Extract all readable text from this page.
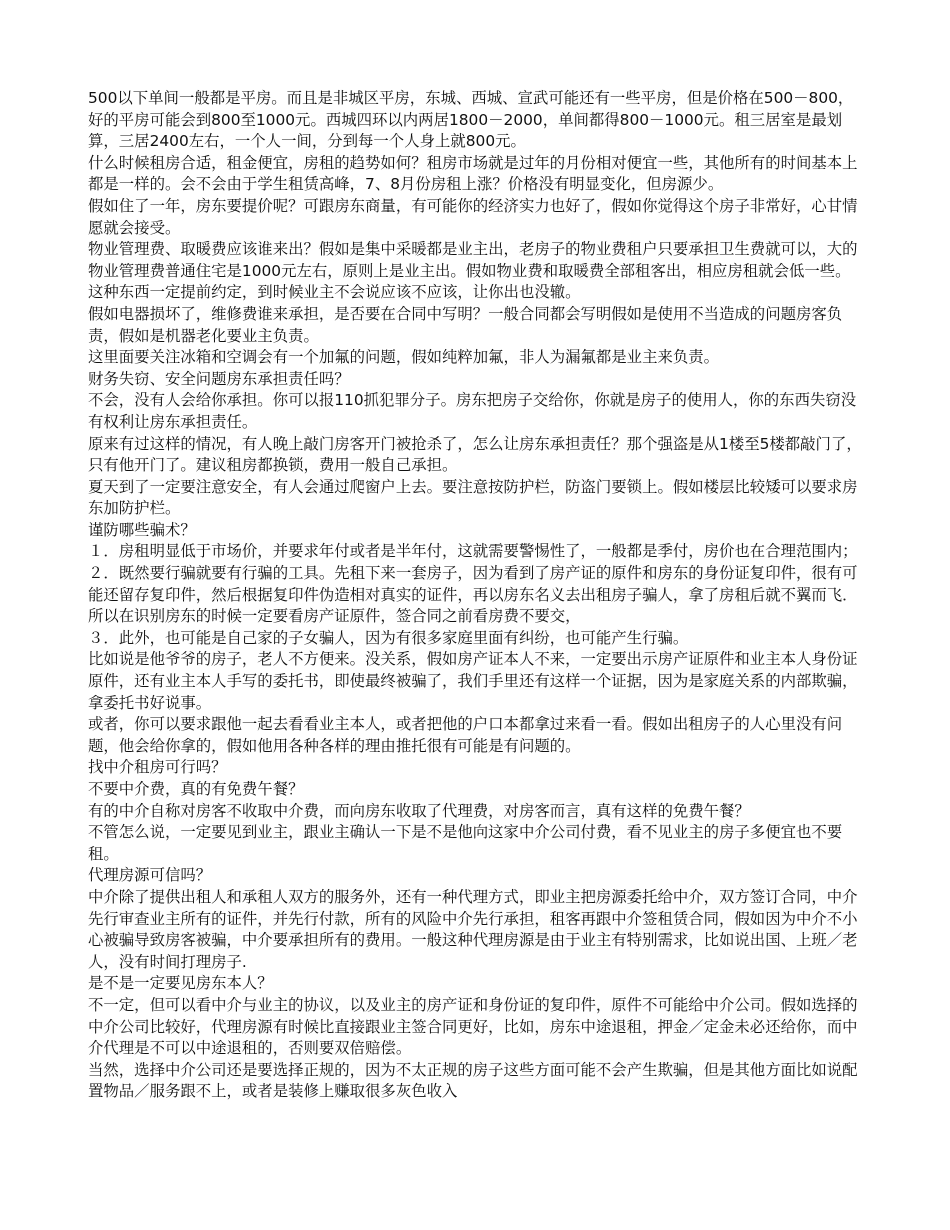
500以下单间一般都是平房。而且是非城区平房，东城、西城、宣武可能还有一些平房，但是价格在500－800，好的平房可能会到800至1000元。西城四环以内两居1800－2000，单间都得800－1000元。租三居室是最划算，三居2400左右，一个人一间，分到每一个人身上就800元。

什么时候租房合适，租金便宜，房租的趋势如何？租房市场就是过年的月份相对便宜一些，其他所有的时间基本上都是一样的。会不会由于学生租赁高峰，7、8月份房租上涨？价格没有明显变化，但房源少。

假如住了一年，房东要提价呢？可跟房东商量，有可能你的经济实力也好了，假如你觉得这个房子非常好，心甘情愿就会接受。

物业管理费、取暖费应该谁来出？假如是集中采暖都是业主出，老房子的物业费租户只要承担卫生费就可以，大的物业管理费普通住宅是1000元左右，原则上是业主出。假如物业费和取暖费全部租客出，相应房租就会低一些。　这种东西一定提前约定，到时候业主不会说应该不应该，让你出也没辙。

假如电器损坏了，维修费谁来承担，是否要在合同中写明？一般合同都会写明假如是使用不当造成的问题房客负责，假如是机器老化要业主负责。

这里面要关注冰箱和空调会有一个加氟的问题，假如纯粹加氟，非人为漏氟都是业主来负责。

财务失窃、安全问题房东承担责任吗？

不会，没有人会给你承担。你可以报110抓犯罪分子。房东把房子交给你，你就是房子的使用人，你的东西失窃没有权利让房东承担责任。

原来有过这样的情况，有人晚上敲门房客开门被抢杀了，怎么让房东承担责任？那个强盗是从1楼至5楼都敲门了，只有他开门了。建议租房都换锁，费用一般自己承担。

夏天到了一定要注意安全，有人会通过爬窗户上去。要注意按防护栏，防盗门要锁上。假如楼层比较矮可以要求房东加防护栏。

谨防哪些骗术？

１．房租明显低于市场价，并要求年付或者是半年付，这就需要警惕性了，一般都是季付，房价也在合理范围内；　２．既然要行骗就要有行骗的工具。先租下来一套房子，因为看到了房产证的原件和房东的身份证复印件，很有可能还留存复印件，然后根据复印件伪造相对真实的证件，再以房东名义去出租房子骗人，拿了房租后就不翼而飞．　所以在识别房东的时候一定要看房产证原件，签合同之前看房费不要交，

３．此外，也可能是自己家的子女骗人，因为有很多家庭里面有纠纷，也可能产生行骗。

比如说是他爷爷的房子，老人不方便来。没关系，假如房产证本人不来，一定要出示房产证原件和业主本人身份证原件，还有业主本人手写的委托书，即使最终被骗了，我们手里还有这样一个证据，因为是家庭关系的内部欺骗，拿委托书好说事。

或者，你可以要求跟他一起去看看业主本人，或者把他的户口本都拿过来看一看。假如出租房子的人心里没有问题，他会给你拿的，假如他用各种各样的理由推托很有可能是有问题的。

找中介租房可行吗？

不要中介费，真的有免费午餐？

有的中介自称对房客不收取中介费，而向房东收取了代理费，对房客而言，真有这样的免费午餐？

不管怎么说，一定要见到业主，跟业主确认一下是不是他向这家中介公司付费，看不见业主的房子多便宜也不要租。

代理房源可信吗？

中介除了提供出租人和承租人双方的服务外，还有一种代理方式，即业主把房源委托给中介，双方签订合同，中介先行审查业主所有的证件，并先行付款，所有的风险中介先行承担，租客再跟中介签租赁合同，假如因为中介不小心被骗导致房客被骗，中介要承担所有的费用。一般这种代理房源是由于业主有特别需求，比如说出国、上班／老人，没有时间打理房子.

是不是一定要见房东本人？

不一定，但可以看中介与业主的协议，以及业主的房产证和身份证的复印件，原件不可能给中介公司。假如选择的中介公司比较好，代理房源有时候比直接跟业主签合同更好，比如，房东中途退租，押金／定金未必还给你，而中介代理是不可以中途退租的，否则要双倍赔偿。

当然，选择中介公司还是要选择正规的，因为不太正规的房子这些方面可能不会产生欺骗，但是其他方面比如说配置物品／服务跟不上，或者是装修上赚取很多灰色收入
